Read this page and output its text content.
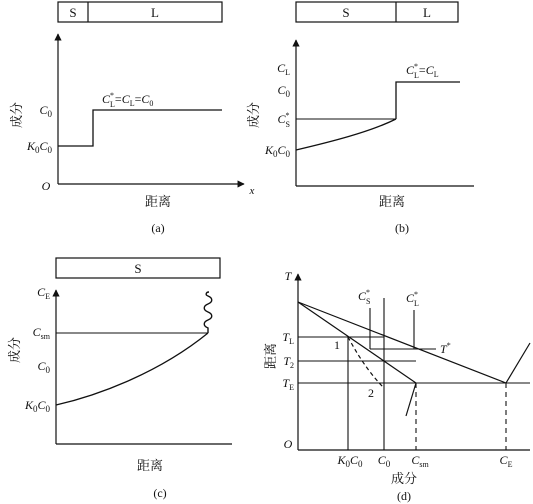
S	L
成分 $C_0$
$K_0C_0$
O	x
C* $L=C_L=C_0$
距离
(a)
S	L
成分
$C_L$
$C_0$
C* S
$K_0C_0$
C* $L=C_L$
距离
(b)
S
成分
$C_E$
$C_{sm}$
$C_0$
$K_0C_0$
距离
(c)
T
距离
$T_L$
$T_2$
$T_E$
O
C* S	C* L
T*
1
2
$K_0C_0$ $C_0$ $C_{sm}$	$C_E$
成分
(d)
